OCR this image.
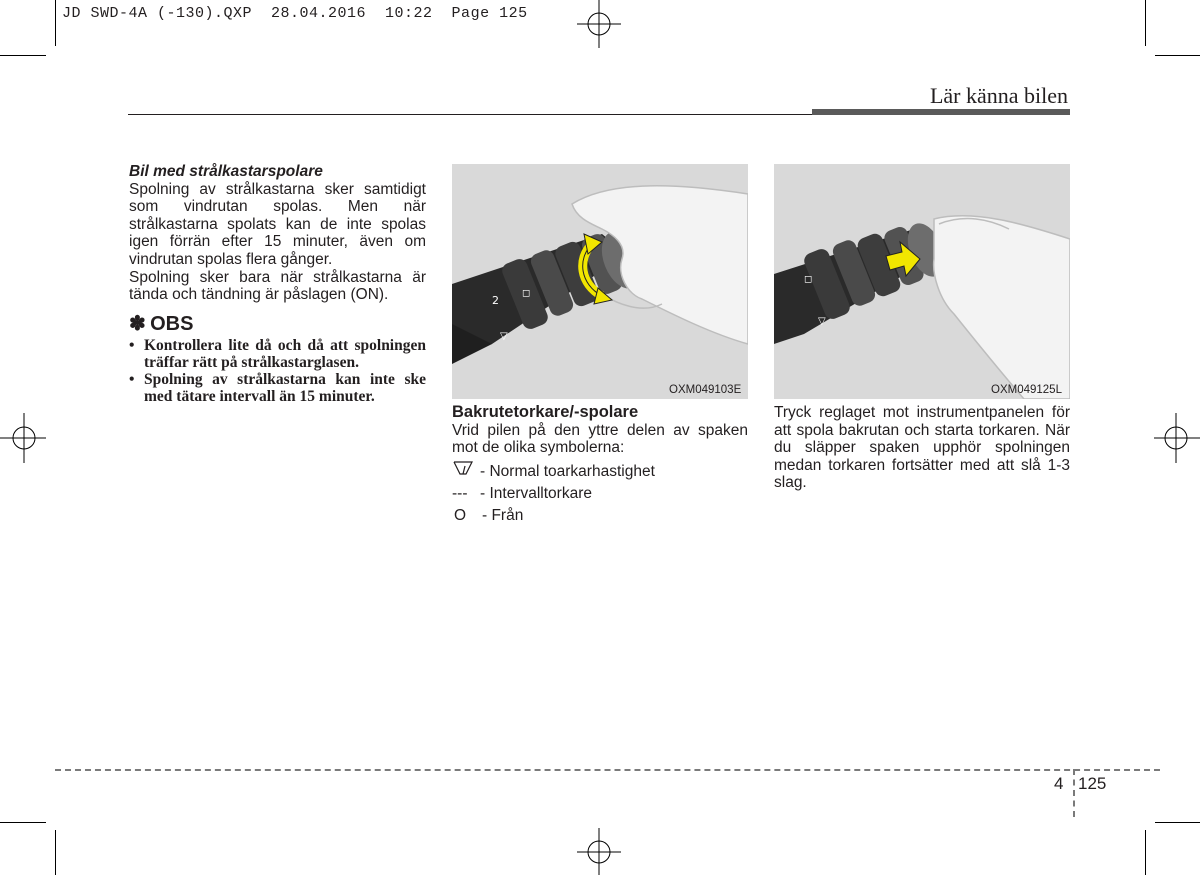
JD SWD-4A (-130).QXP  28.04.2016  10:22  Page 125
Lär känna bilen
Bil med strålkastarspolare

Spolning av strålkastarna sker samtidigt som vindrutan spolas. Men när strålkastarna spolats kan de inte spolas igen förrän efter 15 minuter, även om vindrutan spolas flera gånger.

Spolning sker bara när strålkastarna är tända och tändning är påslagen (ON).

✽ OBS
• Kontrollera lite då och då att spolningen träffar rätt på strålkastarglasen.
• Spolning av strålkastarna kan inte ske med tätare intervall än 15 minuter.
2
▽
◻
OXM049103E
Bakrutetorkare/-spolare

Vrid pilen på den yttre delen av spaken mot de olika symbolerna:

- Normal toarkarhastighet
--- - Intervalltorkare
O	- Från
◻
▽
OXM049125L
Tryck reglaget mot instrumentpanelen för att spola bakrutan och starta torkaren. När du släpper spaken upphör spolningen medan torkaren fortsätter med att slå 1-3 slag.
4 125
